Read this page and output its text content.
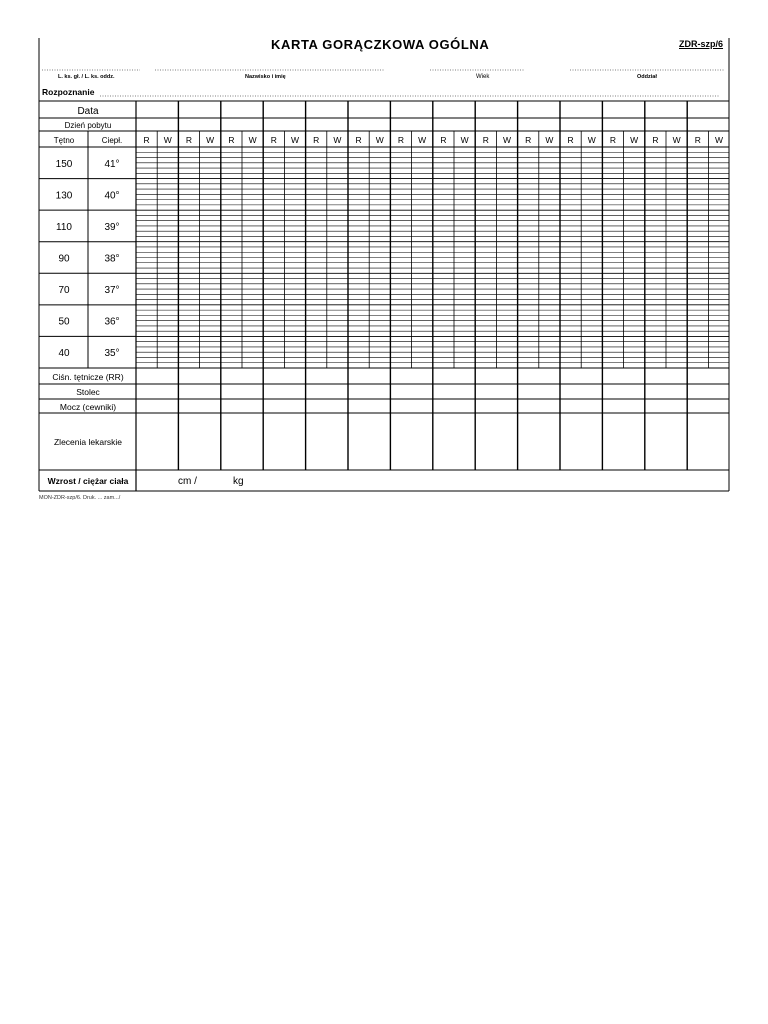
150	41°
130	40°
110	39°
90	38°
70	37°
50	36°
40	35°
Data
Dzień pobytu
Tętno	Ciepł.	R W R W R W R W R W R W R W R W R W R W R W R W R W R W
Ciśn. tętnicze (RR)
Stolec
Mocz (cewniki)
Zlecenia lekarskie
Wzrost / ciężar ciała	cm /	kg
KARTA GORĄCZKOWA OGÓLNA	ZDR-szp/6
L. ks. gł. / L. ks. oddz.	Nazwisko i imię	Wiek	Oddział
Rozpoznanie
MON-ZDR-szp/6. Druk. ... zam.../
